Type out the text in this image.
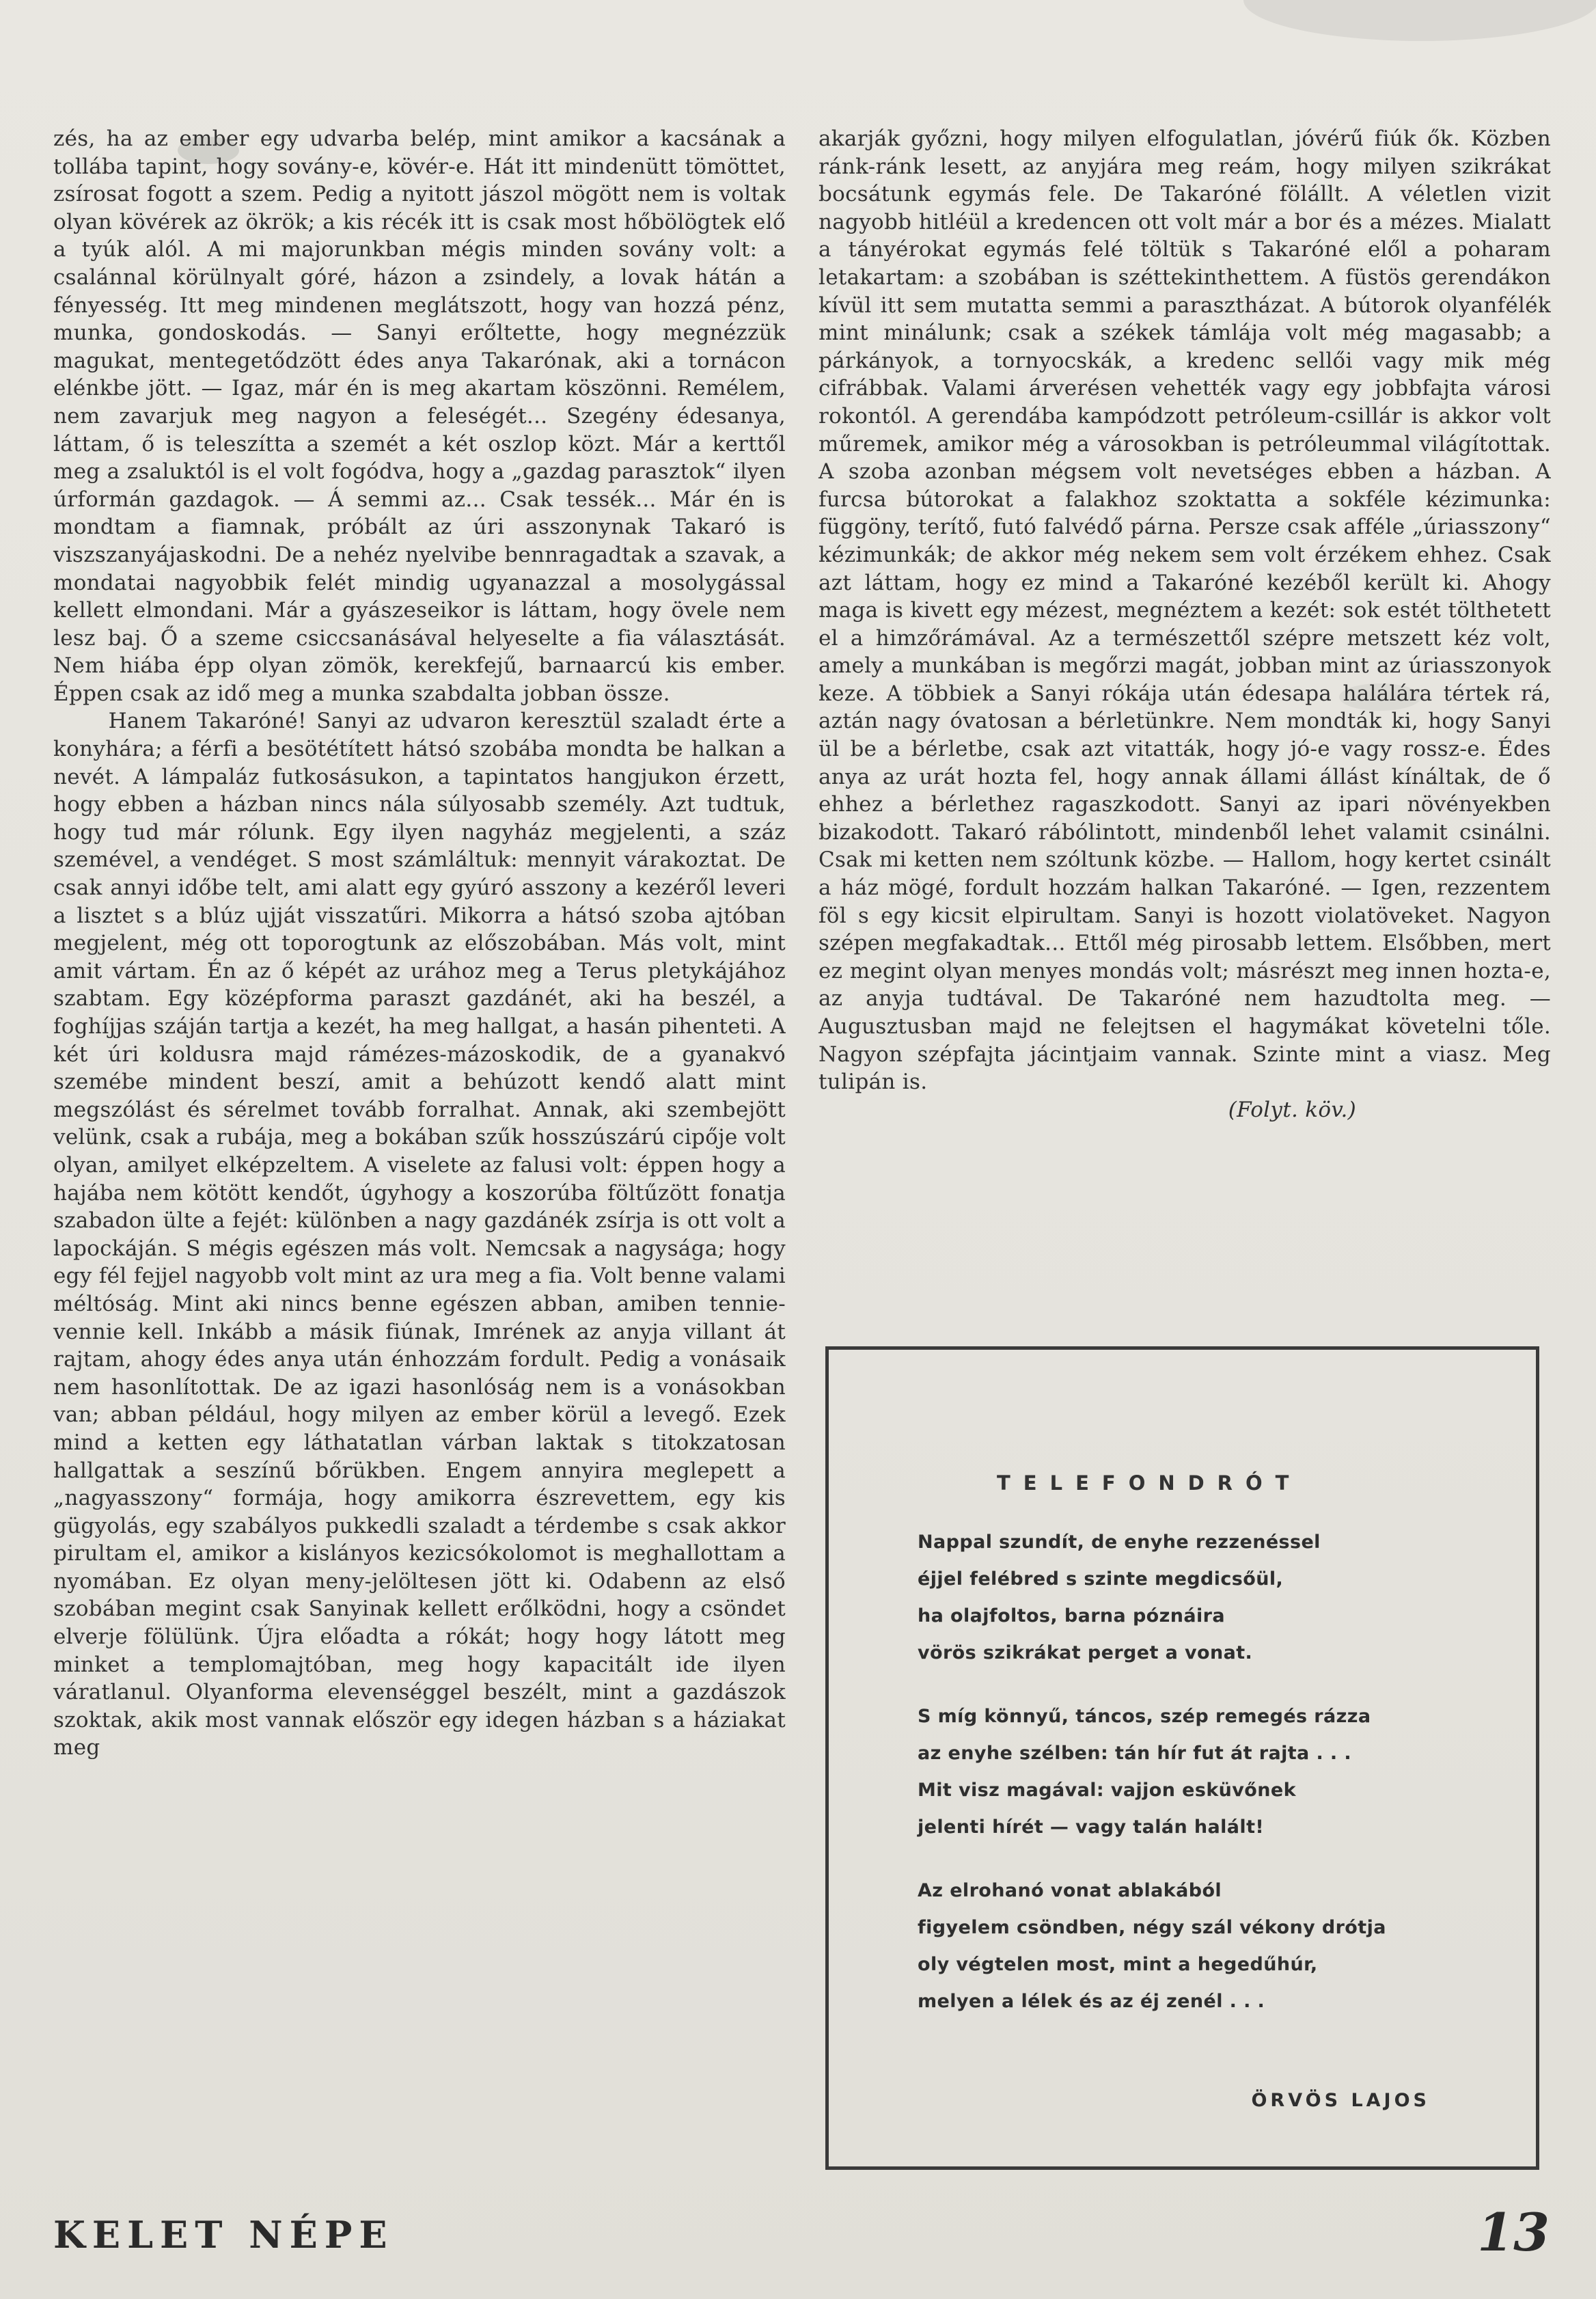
zés, ha az ember egy udvarba belép, mint amikor a kacsának a tollába tapint, hogy sovány-e, kövér-e. Hát itt mindenütt tömöttet, zsírosat fogott a szem. Pedig a nyitott jászol mögött nem is voltak olyan kövérek az ökrök; a kis récék itt is csak most hőbölögtek elő a tyúk alól. A mi majorunkban mégis minden sovány volt: a csalánnal körülnyalt góré, házon a zsindely, a lovak hátán a fényesség. Itt meg mindenen meglátszott, hogy van hozzá pénz, munka, gondoskodás. — Sanyi erőltette, hogy megnézzük magukat, mentegetődzött édes anya Takarónak, aki a tornácon elénkbe jött. — Igaz, már én is meg akartam köszönni. Remélem, nem zavarjuk meg nagyon a feleségét... Szegény édesanya, láttam, ő is teleszítta a szemét a két oszlop közt. Már a kerttől meg a zsaluktól is el volt fogódva, hogy a „gazdag parasztok“ ilyen úrformán gazdagok. — Á semmi az... Csak tessék... Már én is mondtam a fiamnak, próbált az úri asszonynak Takaró is viszszanyájaskodni. De a nehéz nyelvibe bennragadtak a szavak, a mondatai nagyobbik felét mindig ugyanazzal a mosolygással kellett elmondani. Már a gyászeseikor is láttam, hogy övele nem lesz baj. Ő a szeme csiccsanásával helyeselte a fia választását. Nem hiába épp olyan zömök, kerekfejű, barnaarcú kis ember. Éppen csak az idő meg a munka szabdalta jobban össze.

Hanem Takaróné! Sanyi az udvaron keresztül szaladt érte a konyhára; a férfi a besötétített hátsó szobába mondta be halkan a nevét. A lámpaláz futkosásukon, a tapintatos hangjukon érzett, hogy ebben a házban nincs nála súlyosabb személy. Azt tudtuk, hogy tud már rólunk. Egy ilyen nagyház megjelenti, a száz szemével, a vendéget. S most számláltuk: mennyit várakoztat. De csak annyi időbe telt, ami alatt egy gyúró asszony a kezéről leveri a lisztet s a blúz ujját visszatűri. Mikorra a hátsó szoba ajtóban megjelent, még ott toporogtunk az előszobában. Más volt, mint amit vártam. Én az ő képét az urához meg a Terus pletykájához szabtam. Egy középforma paraszt gazdánét, aki ha beszél, a foghíjjas száján tartja a kezét, ha meg hallgat, a hasán pihenteti. A két úri koldusra majd rámézes-mázoskodik, de a gyanakvó szemébe mindent beszí, amit a behúzott kendő alatt mint megszólást és sérelmet tovább forralhat. Annak, aki szembejött velünk, csak a rubája, meg a bokában szűk hosszúszárú cipője volt olyan, amilyet elképzeltem. A viselete az falusi volt: éppen hogy a hajába nem kötött kendőt, úgyhogy a koszorúba föltűzött fonatja szabadon ülte a fejét: különben a nagy gazdánék zsírja is ott volt a lapockáján. S mégis egészen más volt. Nemcsak a nagysága; hogy egy fél fejjel nagyobb volt mint az ura meg a fia. Volt benne valami méltóság. Mint aki nincs benne egészen abban, amiben tennie-vennie kell. Inkább a másik fiúnak, Imrének az anyja villant át rajtam, ahogy édes anya után énhozzám fordult. Pedig a vonásaik nem hasonlítottak. De az igazi hasonlóság nem is a vonásokban van; abban például, hogy milyen az ember körül a levegő. Ezek mind a ketten egy láthatatlan várban laktak s titokzatosan hallgattak a seszínű bőrükben. Engem annyira meglepett a „nagyasszony“ formája, hogy amikorra észrevettem, egy kis gügyolás, egy szabályos pukkedli szaladt a térdembe s csak akkor pirultam el, amikor a kislányos kezicsókolomot is meghallottam a nyomában. Ez olyan meny-jelöltesen jött ki. Odabenn az első szobában megint csak Sanyinak kellett erőlködni, hogy a csöndet elverje fölülünk. Újra előadta a rókát; hogy hogy látott meg minket a templomajtóban, meg hogy kapacitált ide ilyen váratlanul. Olyanforma elevenséggel beszélt, mint a gazdászok szoktak, akik most vannak először egy idegen házban s a háziakat meg

akarják győzni, hogy milyen elfogulatlan, jóvérű fiúk ők. Közben ránk-ránk lesett, az anyjára meg reám, hogy milyen szikrákat bocsátunk egymás fele. De Takaróné fölállt. A véletlen vizit nagyobb hitléül a kredencen ott volt már a bor és a mézes. Mialatt a tányérokat egymás felé töltük s Takaróné elől a poharam letakartam: a szobában is széttekinthettem. A füstös gerendákon kívül itt sem mutatta semmi a parasztházat. A bútorok olyanfélék mint minálunk; csak a székek támlája volt még magasabb; a párkányok, a tornyocskák, a kredenc sellői vagy mik még cifrábbak. Valami árverésen vehették vagy egy jobbfajta városi rokontól. A gerendába kampódzott petróleum-csillár is akkor volt műremek, amikor még a városokban is petróleummal világítottak. A szoba azonban mégsem volt nevetséges ebben a házban. A furcsa bútorokat a falakhoz szoktatta a sokféle kézimunka: függöny, terítő, futó falvédő párna. Persze csak afféle „úriasszony“ kézimunkák; de akkor még nekem sem volt érzékem ehhez. Csak azt láttam, hogy ez mind a Takaróné kezéből került ki. Ahogy maga is kivett egy mézest, megnéztem a kezét: sok estét tölthetett el a himzőrámával. Az a természettől szépre metszett kéz volt, amely a munkában is megőrzi magát, jobban mint az úriasszonyok keze. A többiek a Sanyi rókája után édesapa halálára tértek rá, aztán nagy óvatosan a bérletünkre. Nem mondták ki, hogy Sanyi ül be a bérletbe, csak azt vitatták, hogy jó-e vagy rossz-e. Édes anya az urát hozta fel, hogy annak állami állást kínáltak, de ő ehhez a bérlethez ragaszkodott. Sanyi az ipari növényekben bizakodott. Takaró rábólintott, mindenből lehet valamit csinálni. Csak mi ketten nem szóltunk közbe. — Hallom, hogy kertet csinált a ház mögé, fordult hozzám halkan Takaróné. — Igen, rezzentem föl s egy kicsit elpirultam. Sanyi is hozott violatöveket. Nagyon szépen megfakadtak... Ettől még pirosabb lettem. Elsőbben, mert ez megint olyan menyes mondás volt; másrészt meg innen hozta-e, az anyja tudtával. De Takaróné nem hazudtolta meg. — Augusztusban majd ne felejtsen el hagymákat követelni tőle. Nagyon szépfajta jácintjaim vannak. Szinte mint a viasz. Meg tulipán is.

(Folyt. köv.)

TELEFONDRÓT
Nappal szundít, de enyhe rezzenéssel
éjjel felébred s szinte megdicsőül,
ha olajfoltos, barna póznáira
vörös szikrákat perget a vonat.
S míg könnyű, táncos, szép remegés rázza
az enyhe szélben: tán hír fut át rajta . . .
Mit visz magával: vajjon esküvőnek
jelenti hírét — vagy talán halált!
Az elrohanó vonat ablakából
figyelem csöndben, négy szál vékony drótja
oly végtelen most, mint a hegedűhúr,
melyen a lélek és az éj zenél . . .
ÖRVÖS LAJOS
KELET NÉPE	13
